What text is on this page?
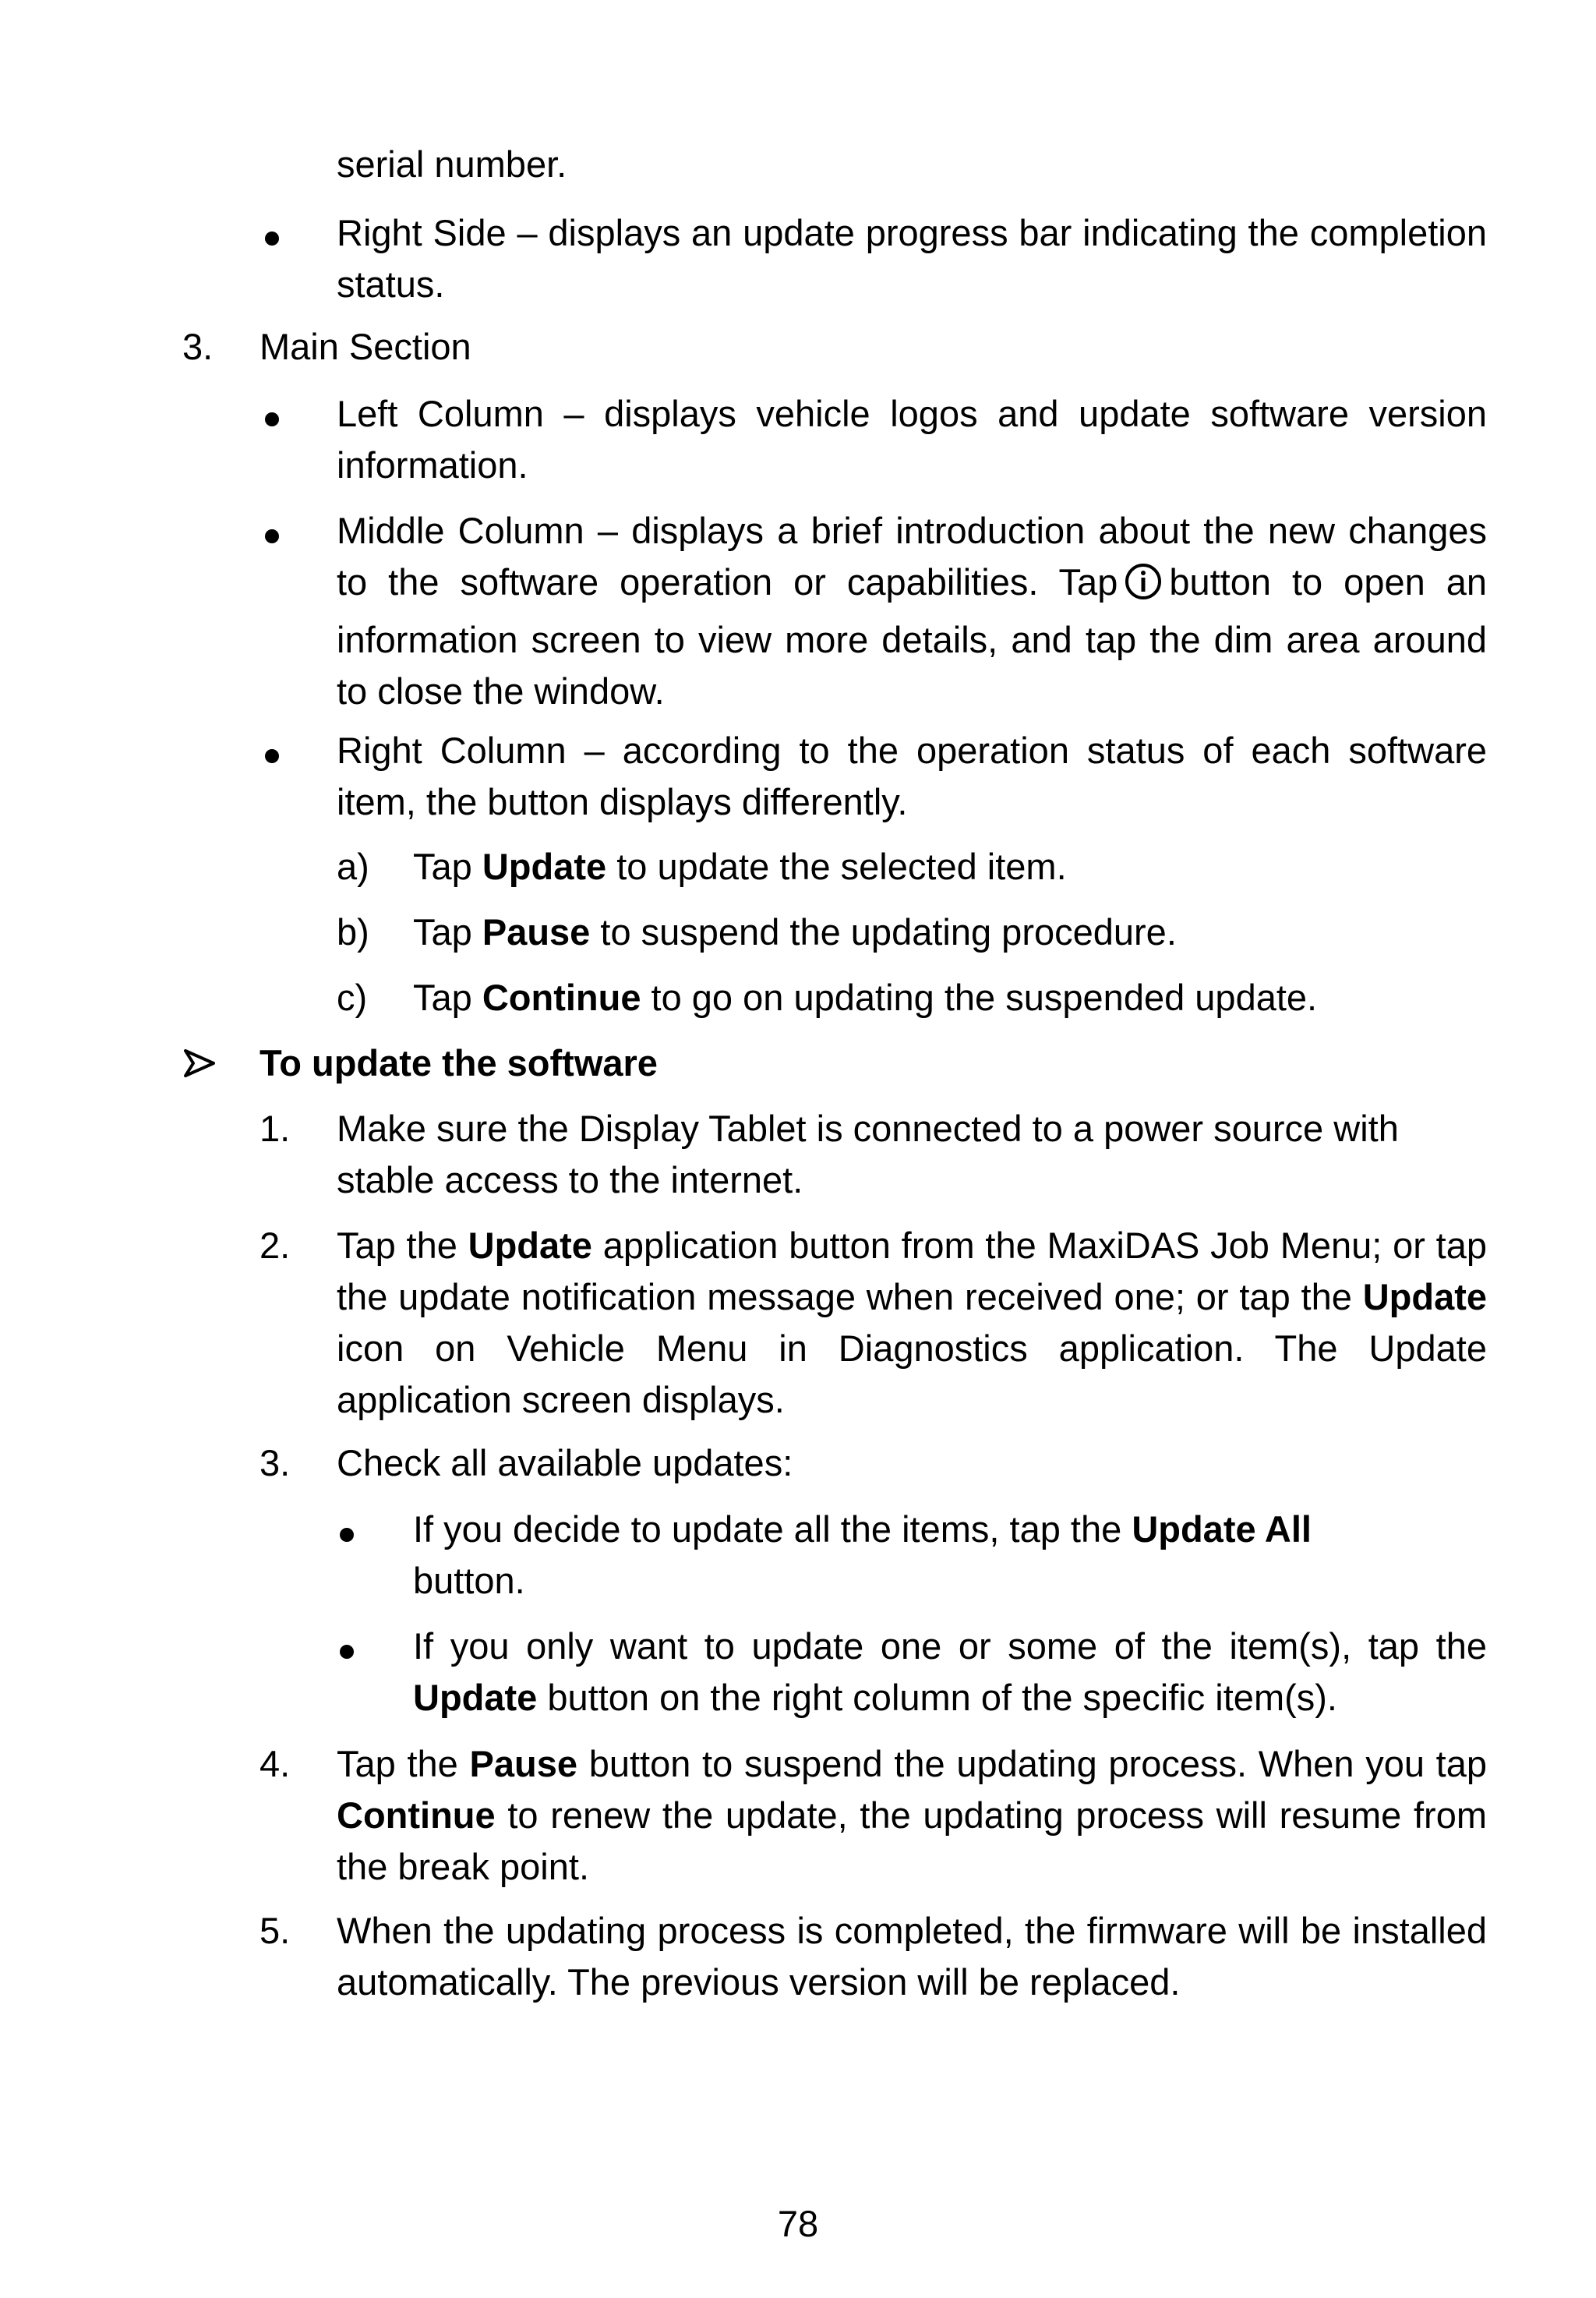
serial number.
Right Side – displays an update progress bar indicating the completion status.
3. Main Section
Left Column – displays vehicle logos and update software version information.
Middle Column – displays a brief introduction about the new changes to the software operation or capabilities. Tap button to open an information screen to view more details, and tap the dim area around to close the window.
Right Column – according to the operation status of each software item, the button displays differently.
a) Tap Update to update the selected item.
b) Tap Pause to suspend the updating procedure.
c) Tap Continue to go on updating the suspended update.
To update the software
1. Make sure the Display Tablet is connected to a power source with stable access to the internet.
2. Tap the Update application button from the MaxiDAS Job Menu; or tap the update notification message when received one; or tap the Update icon on Vehicle Menu in Diagnostics application. The Update application screen displays.
3. Check all available updates:
If you decide to update all the items, tap the Update All
button.
If you only want to update one or some of the item(s), tap the Update button on the right column of the specific item(s).
4. Tap the Pause button to suspend the updating process. When you tap Continue to renew the update, the updating process will resume from the break point.
5. When the updating process is completed, the firmware will be installed automatically. The previous version will be replaced.
78
